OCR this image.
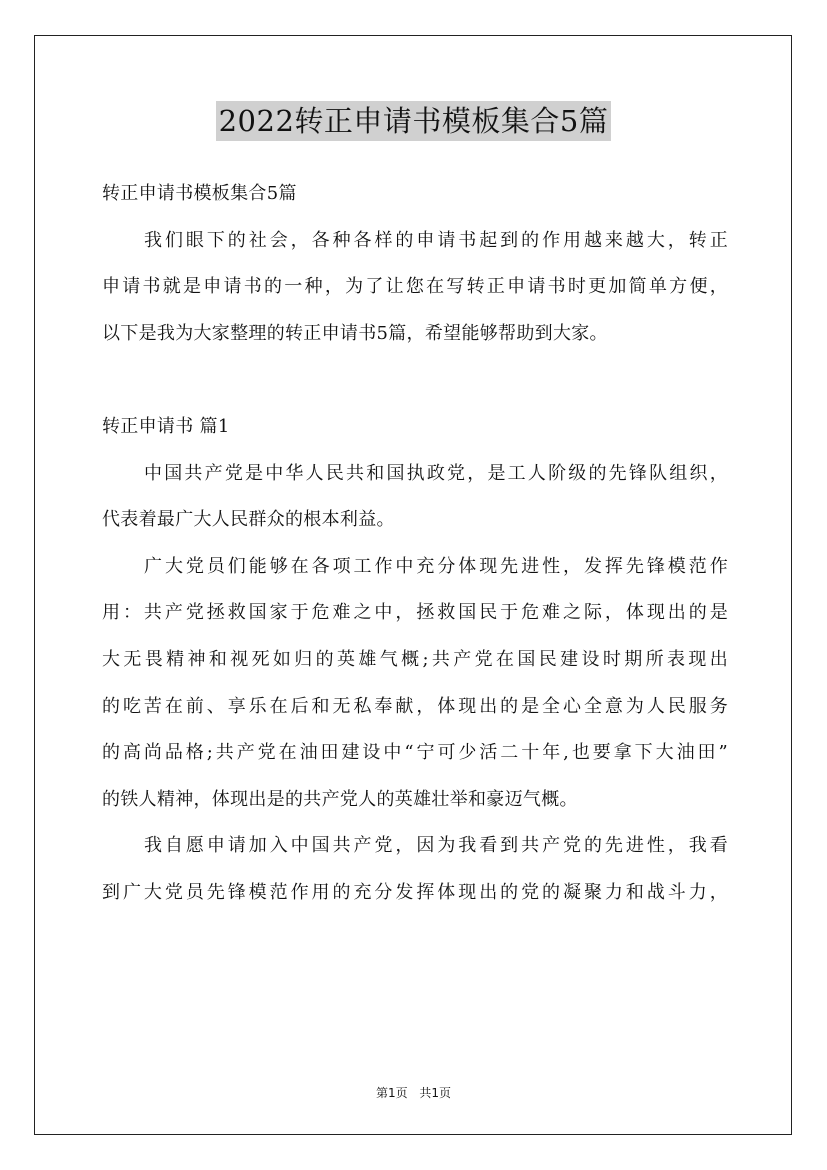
2022转正申请书模板集合5篇
转正申请书模板集合5篇
我们眼下的社会，各种各样的申请书起到的作用越来越大，转正
申请书就是申请书的一种，为了让您在写转正申请书时更加简单方便，
以下是我为大家整理的转正申请书5篇，希望能够帮助到大家。
转正申请书 篇1
中国共产党是中华人民共和国执政党，是工人阶级的先锋队组织，
代表着最广大人民群众的根本利益。
广大党员们能够在各项工作中充分体现先进性，发挥先锋模范作
用：共产党拯救国家于危难之中，拯救国民于危难之际，体现出的是
大无畏精神和视死如归的英雄气概;共产党在国民建设时期所表现出
的吃苦在前、享乐在后和无私奉献，体现出的是全心全意为人民服务
的高尚品格;共产党在油田建设中“宁可少活二十年,也要拿下大油田”
的铁人精神，体现出是的共产党人的英雄壮举和豪迈气概。
我自愿申请加入中国共产党，因为我看到共产党的先进性，我看
到广大党员先锋模范作用的充分发挥体现出的党的凝聚力和战斗力，
第1页 共1页
